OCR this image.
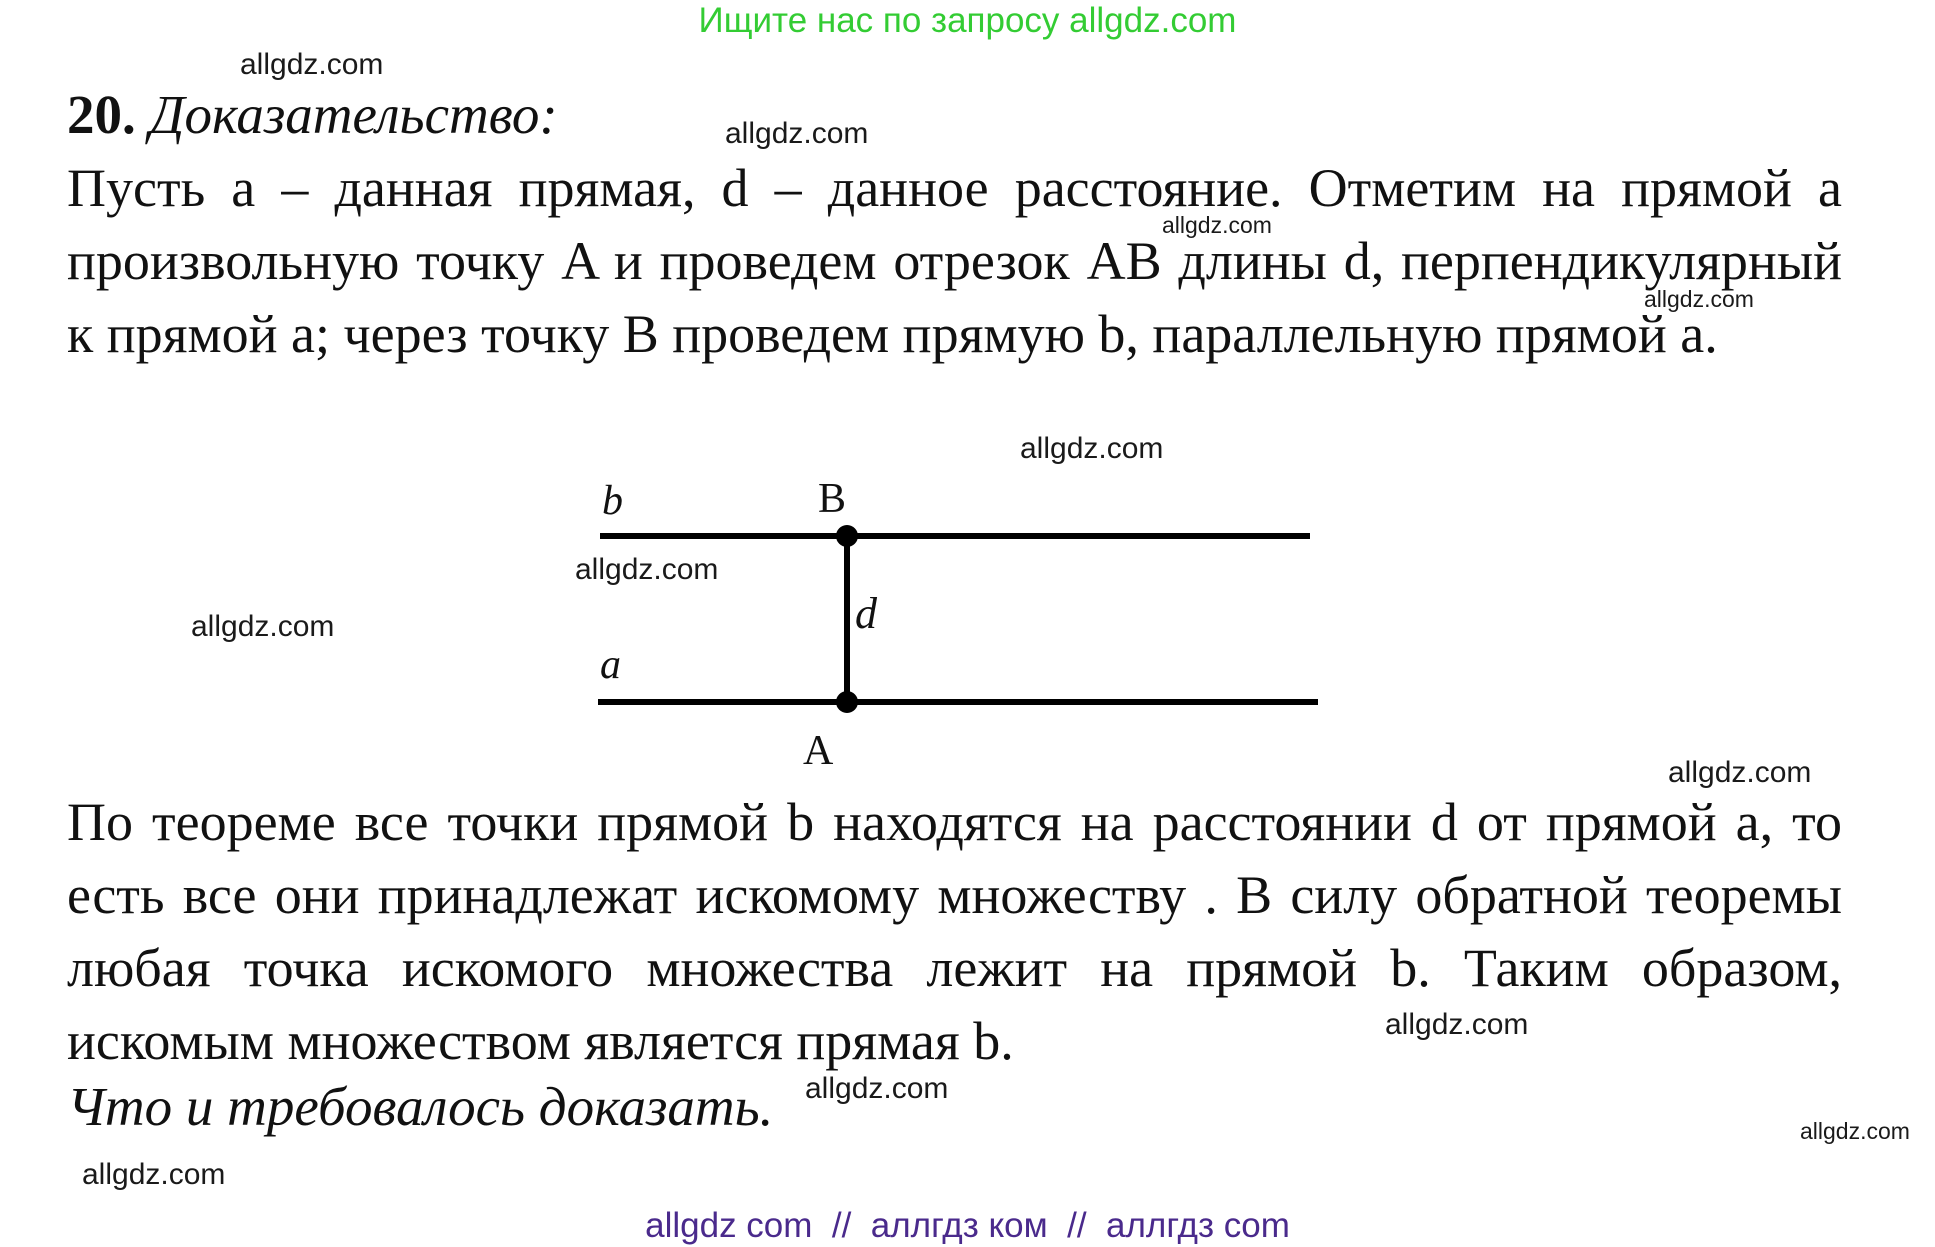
Ищите нас по запросу allgdz.com
20. Доказательство:
Пусть a – данная прямая, d – данное расстояние. Отметим на прямой a произвольную точку A и проведем отрезок AB длины d, перпендикулярный к прямой a; через точку B проведем прямую b, параллельную прямой a.
b
a
B
A
d
По теореме все точки прямой b находятся на расстоянии d от прямой a, то есть все они принадлежат искомому множеству . В силу обратной теоремы любая точка искомого множества лежит на прямой b. Таким образом, искомым множеством является прямая b.
Что и требовалось доказать.
allgdz.com
allgdz.com
allgdz.com
allgdz.com
allgdz.com
allgdz.com
allgdz.com
allgdz.com
allgdz.com
allgdz.com
allgdz.com
allgdz.com
allgdz com  //  аллгдз ком  //  аллгдз com
